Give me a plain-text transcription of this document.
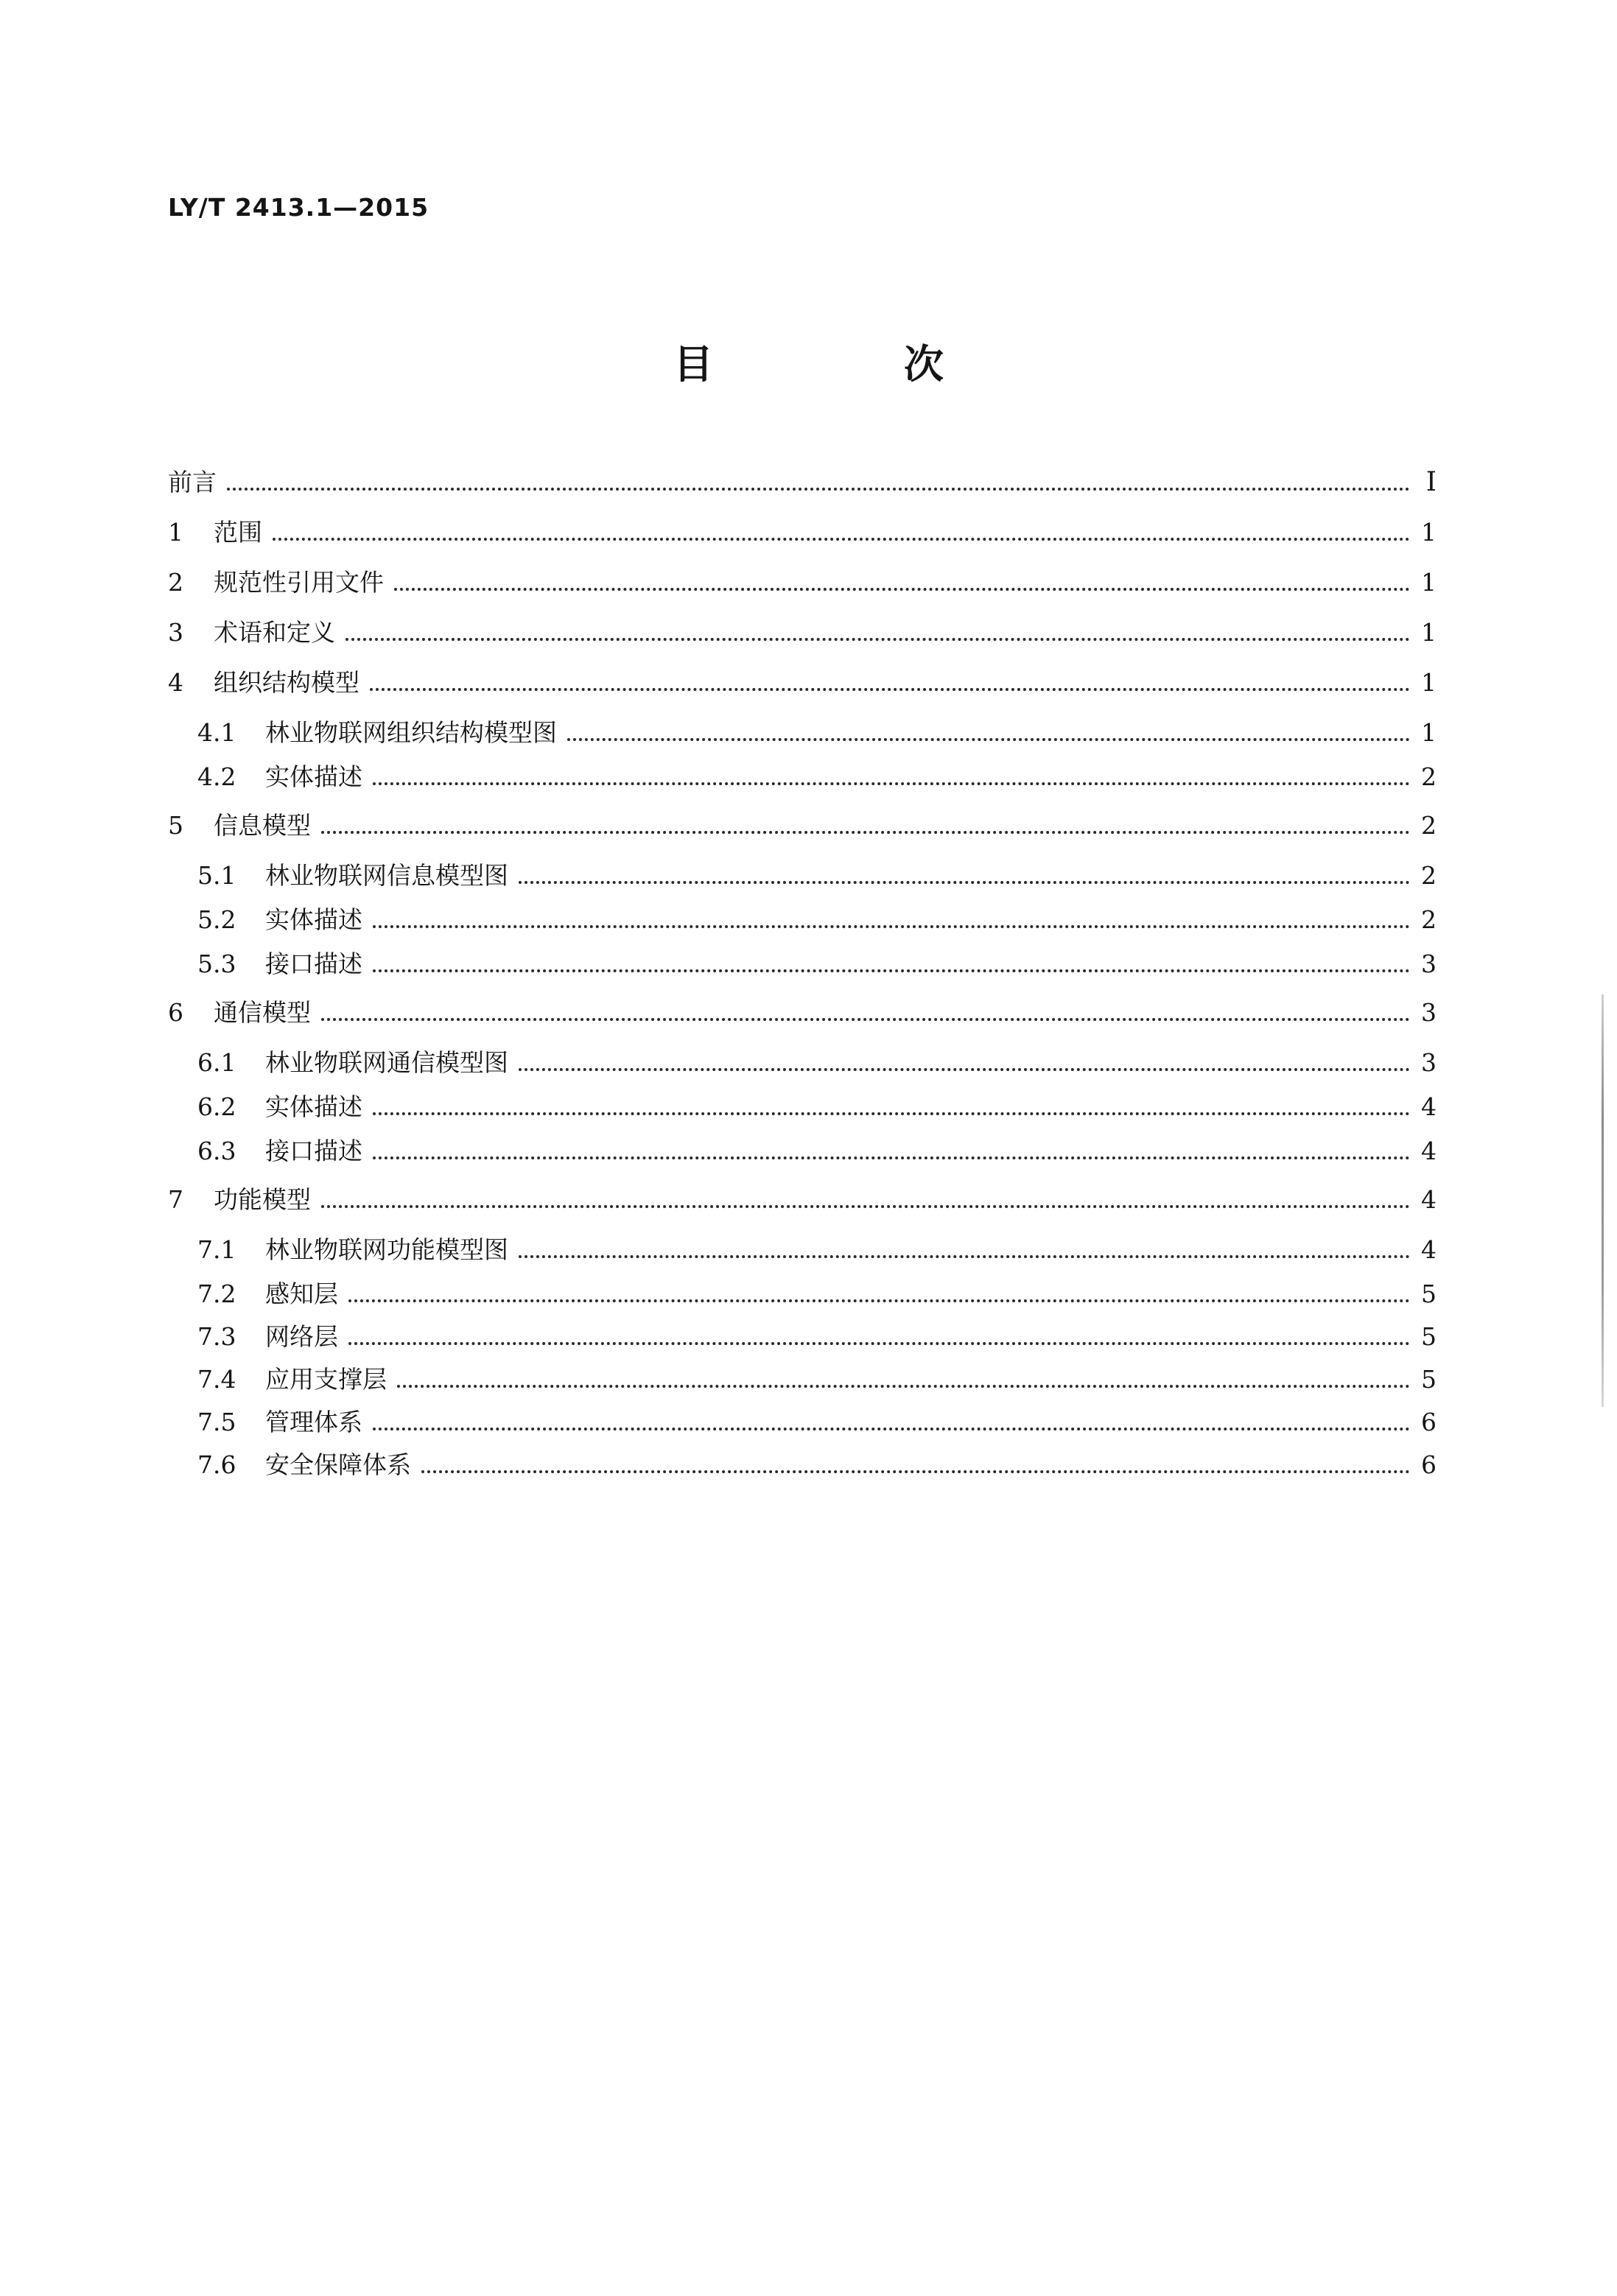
LY/T 2413.1—2015
目 次
前言	I
1	范围	1
2	规范性引用文件	1
3	术语和定义	1
4	组织结构模型	1
4.1	林业物联网组织结构模型图	1
4.2	实体描述	2
5	信息模型	2
5.1	林业物联网信息模型图	2
5.2	实体描述	2
5.3	接口描述	3
6	通信模型	3
6.1	林业物联网通信模型图	3
6.2	实体描述	4
6.3	接口描述	4
7	功能模型	4
7.1	林业物联网功能模型图	4
7.2	感知层	5
7.3	网络层	5
7.4	应用支撑层	5
7.5	管理体系	6
7.6	安全保障体系	6
